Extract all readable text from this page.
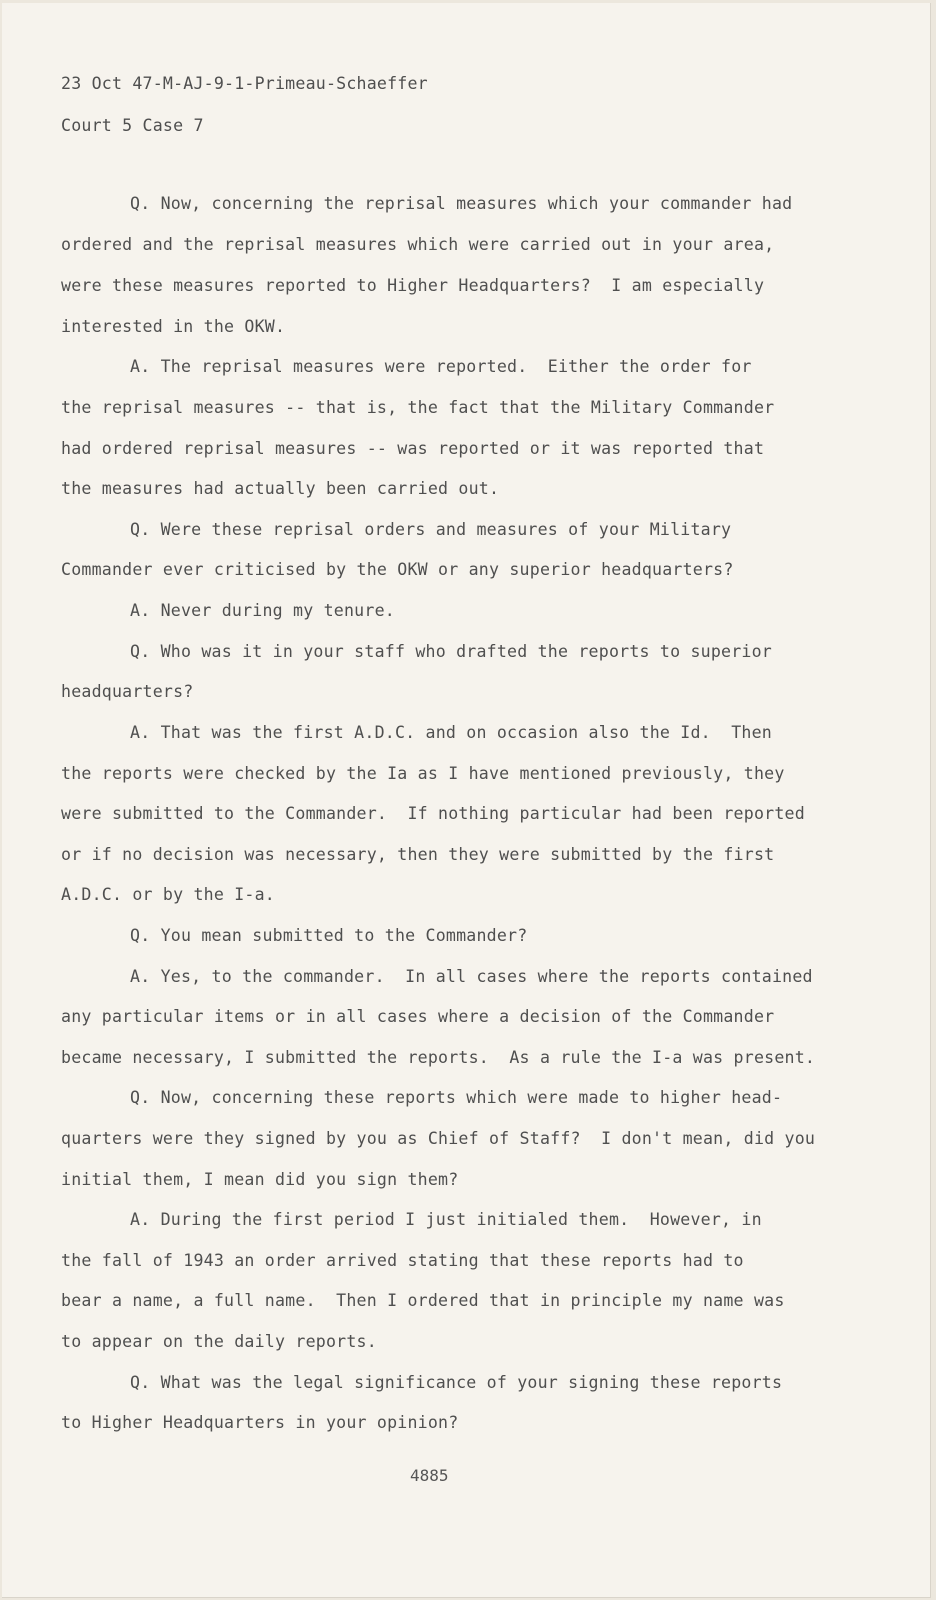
23 Oct 47-M-AJ-9-1-Primeau-Schaeffer
Court 5 Case 7
Q. Now, concerning the reprisal measures which your commander had
ordered and the reprisal measures which were carried out in your area,
were these measures reported to Higher Headquarters?  I am especially
interested in the OKW.
A. The reprisal measures were reported.  Either the order for
the reprisal measures -- that is, the fact that the Military Commander
had ordered reprisal measures -- was reported or it was reported that
the measures had actually been carried out.
Q. Were these reprisal orders and measures of your Military
Commander ever criticised by the OKW or any superior headquarters?
A. Never during my tenure.
Q. Who was it in your staff who drafted the reports to superior
headquarters?
A. That was the first A.D.C. and on occasion also the Id.  Then
the reports were checked by the Ia as I have mentioned previously, they
were submitted to the Commander.  If nothing particular had been reported
or if no decision was necessary, then they were submitted by the first
A.D.C. or by the I-a.
Q. You mean submitted to the Commander?
A. Yes, to the commander.  In all cases where the reports contained
any particular items or in all cases where a decision of the Commander
became necessary, I submitted the reports.  As a rule the I-a was present.
Q. Now, concerning these reports which were made to higher head-
quarters were they signed by you as Chief of Staff?  I don't mean, did you
initial them, I mean did you sign them?
A. During the first period I just initialed them.  However, in
the fall of 1943 an order arrived stating that these reports had to
bear a name, a full name.  Then I ordered that in principle my name was
to appear on the daily reports.
Q. What was the legal significance of your signing these reports
to Higher Headquarters in your opinion?
4885
